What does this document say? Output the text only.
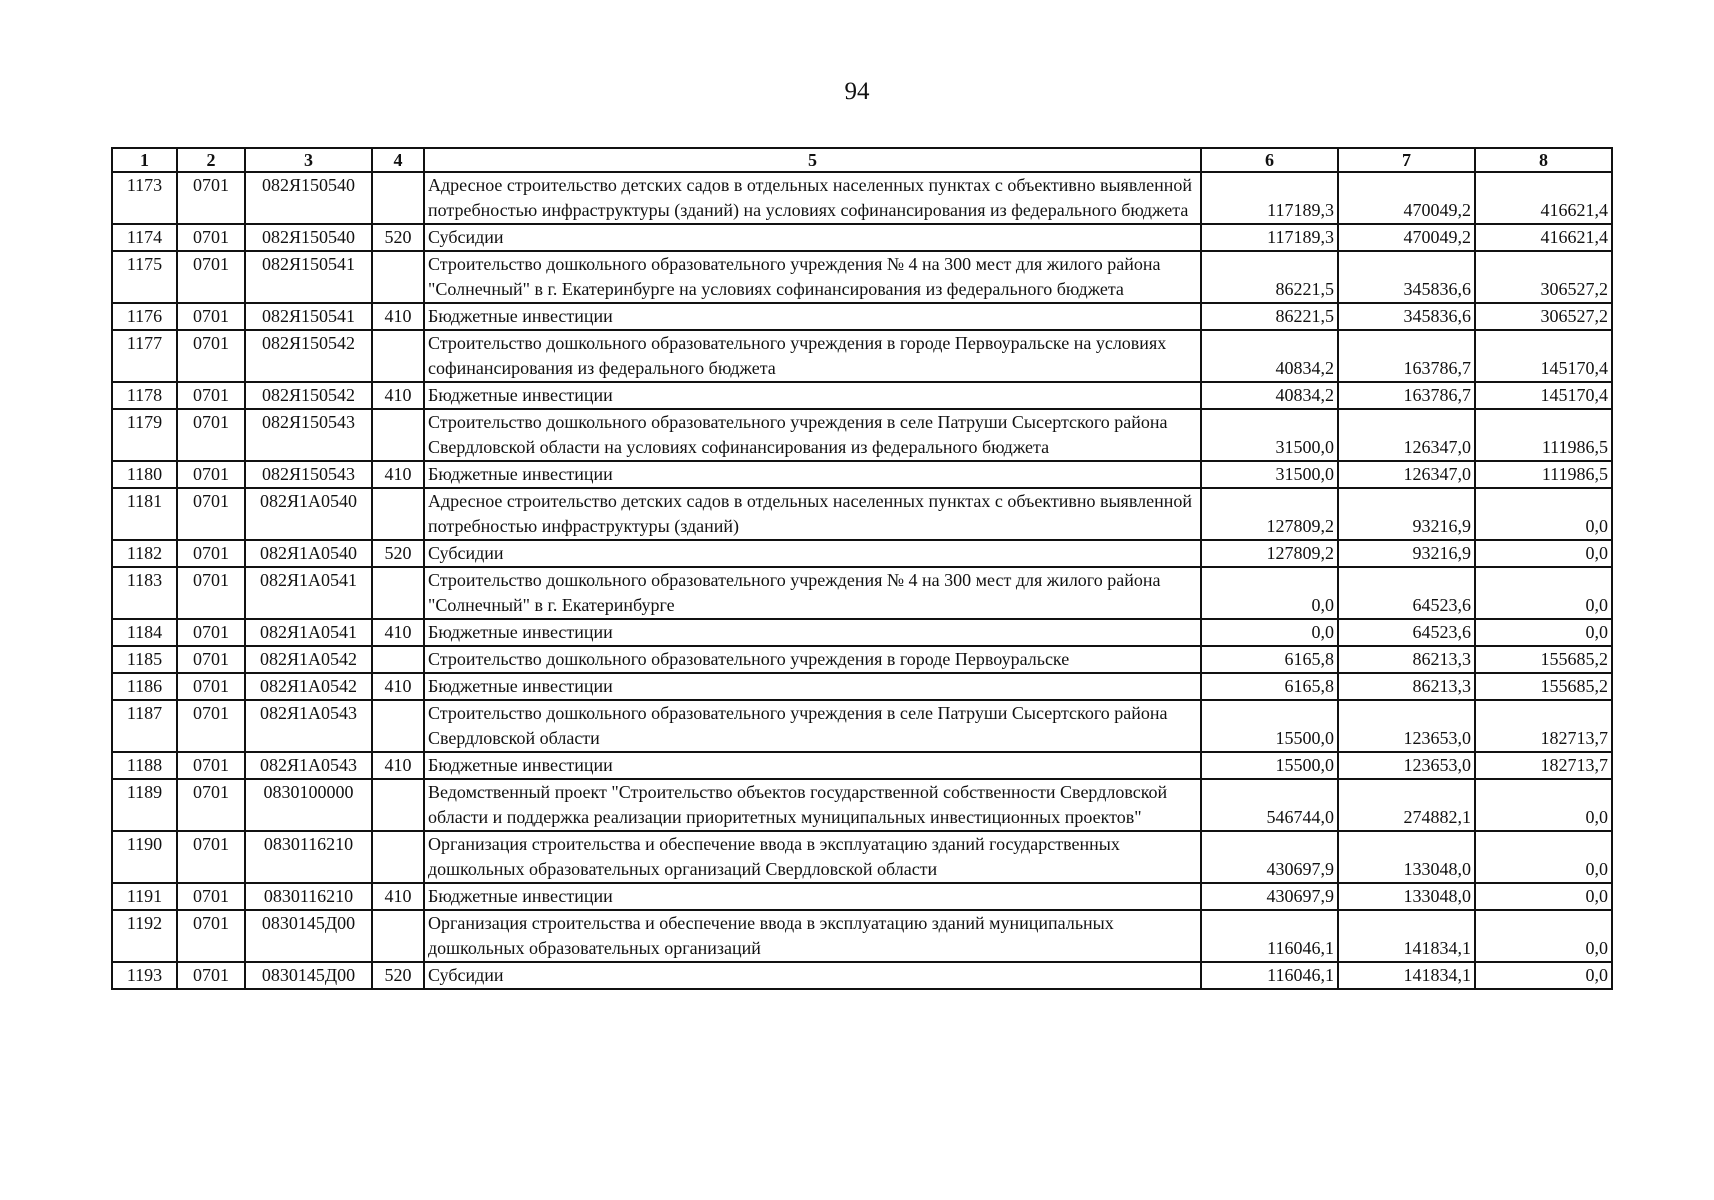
94
1	2	3	4	5	6	7	8
1173	0701	082Я150540		Адресное строительство детских садов в отдельных населенных пунктах с объективно выявленной потребностью инфраструктуры (зданий) на условиях софинансирования из федерального бюджета	117189,3	470049,2	416621,4
1174	0701	082Я150540	520	Субсидии	117189,3	470049,2	416621,4
1175	0701	082Я150541		Строительство дошкольного образовательного учреждения № 4 на 300 мест для жилого района "Солнечный" в г. Екатеринбурге на условиях софинансирования из федерального бюджета	86221,5	345836,6	306527,2
1176	0701	082Я150541	410	Бюджетные инвестиции	86221,5	345836,6	306527,2
1177	0701	082Я150542		Строительство дошкольного образовательного учреждения в городе Первоуральске на условиях софинансирования из федерального бюджета	40834,2	163786,7	145170,4
1178	0701	082Я150542	410	Бюджетные инвестиции	40834,2	163786,7	145170,4
1179	0701	082Я150543		Строительство дошкольного образовательного учреждения в селе Патруши Сысертского района Свердловской области на условиях софинансирования из федерального бюджета	31500,0	126347,0	111986,5
1180	0701	082Я150543	410	Бюджетные инвестиции	31500,0	126347,0	111986,5
1181	0701	082Я1А0540		Адресное строительство детских садов в отдельных населенных пунктах с объективно выявленной потребностью инфраструктуры (зданий)	127809,2	93216,9	0,0
1182	0701	082Я1А0540	520	Субсидии	127809,2	93216,9	0,0
1183	0701	082Я1А0541		Строительство дошкольного образовательного учреждения № 4 на 300 мест для жилого района "Солнечный" в г. Екатеринбурге	0,0	64523,6	0,0
1184	0701	082Я1А0541	410	Бюджетные инвестиции	0,0	64523,6	0,0
1185	0701	082Я1А0542		Строительство дошкольного образовательного учреждения в городе Первоуральске	6165,8	86213,3	155685,2
1186	0701	082Я1А0542	410	Бюджетные инвестиции	6165,8	86213,3	155685,2
1187	0701	082Я1А0543		Строительство дошкольного образовательного учреждения в селе Патруши Сысертского района Свердловской области	15500,0	123653,0	182713,7
1188	0701	082Я1А0543	410	Бюджетные инвестиции	15500,0	123653,0	182713,7
1189	0701	0830100000		Ведомственный проект "Строительство объектов государственной собственности Свердловской области и поддержка реализации приоритетных муниципальных инвестиционных проектов"	546744,0	274882,1	0,0
1190	0701	0830116210		Организация строительства и обеспечение ввода в эксплуатацию зданий государственных дошкольных образовательных организаций Свердловской области	430697,9	133048,0	0,0
1191	0701	0830116210	410	Бюджетные инвестиции	430697,9	133048,0	0,0
1192	0701	0830145Д00		Организация строительства и обеспечение ввода в эксплуатацию зданий муниципальных дошкольных образовательных организаций	116046,1	141834,1	0,0
1193	0701	0830145Д00	520	Субсидии	116046,1	141834,1	0,0
